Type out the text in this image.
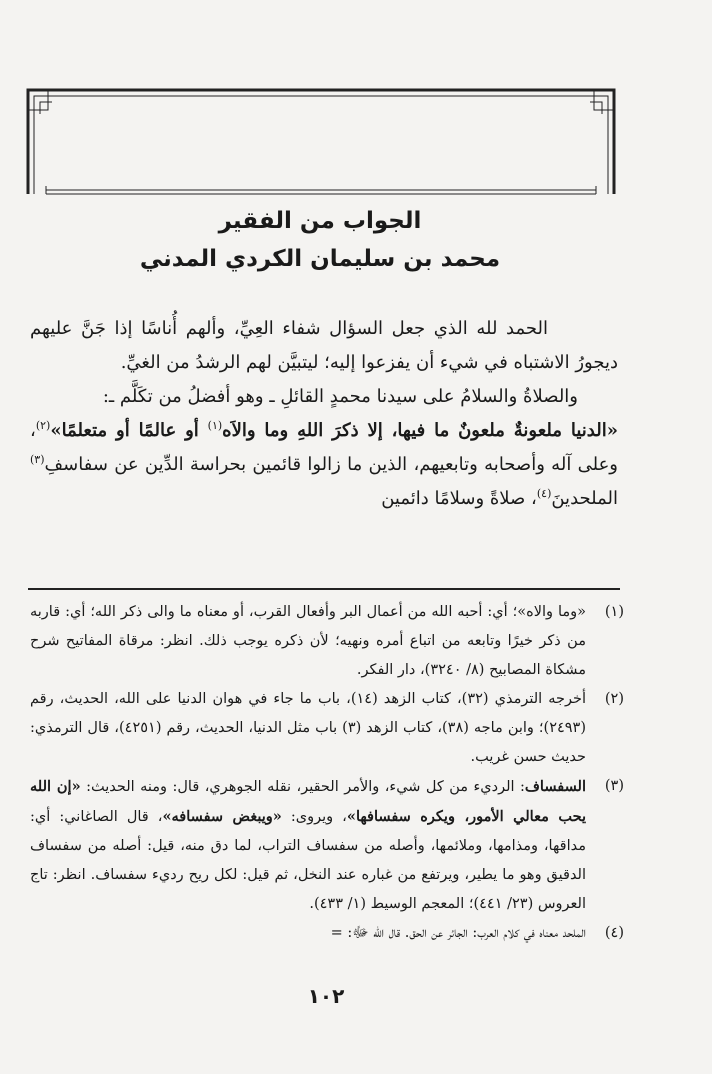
الجواب من الفقير

محمد بن سليمان الكردي المدني

الحمد لله الذي جعل السؤال شفاء العِيِّ، وألهم أُناسًا إذا جَنَّ عليهم ديجورُ الاشتباه في شيء أن يفزعوا إليه؛ ليتبيَّن لهم الرشدُ من الغيِّ.

والصلاةُ والسلامُ على سيدنا محمدٍ القائلِ ـ وهو أفضلُ من تكَلَّم ـ:
«الدنيا ملعونةٌ ملعونٌ ما فيها، إلا ذكرَ اللهِ وما والاَه$^{(١)}$ أو عالمًا أو متعلمًا»$^{(٢)}$، وعلى آله وأصحابه وتابعيهم، الذين ما زالوا قائمين بحراسة الدِّين عن سفاسفِ$^{(٣)}$ الملحدينَ$^{(٤)}$، صلاةً وسلامًا دائمين

(١)
«وما والاه»؛ أي: أحبه الله من أعمال البر وأفعال القرب، أو معناه ما والى ذكر الله؛ أي: قاربه من ذكر خيرًا وتابعه من اتباع أمره ونهيه؛ لأن ذكره يوجب ذلك. انظر: مرقاة المفاتيح شرح مشكاة المصابيح (٨/ ٣٢٤٠)، دار الفكر.
(٢)
أخرجه الترمذي (٣٢)، كتاب الزهد (١٤)، باب ما جاء في هوان الدنيا على الله، الحديث، رقم (٢٤٩٣)؛ وابن ماجه (٣٨)، كتاب الزهد (٣) باب مثل الدنيا، الحديث، رقم (٤٢٥١)، قال الترمذي: حديث حسن غريب.
(٣)
السفساف: الرديء من كل شيء، والأمر الحقير، نقله الجوهري، قال: ومنه الحديث: «إن الله يحب معالي الأمور، ويكره سفسافها»، ويروى: «ويبغض سفسافه»، قال الصاغاني: أي: مداقها، ومذامها، وملائمها، وأصله من سفساف التراب، لما دق منه، قيل: أصله من سفساف الدقيق وهو ما يطير، ويرتفع من غباره عند النخل، ثم قيل: لكل ريح رديء سفساف. انظر: تاج العروس (٢٣/ ٤٤١)؛ المعجم الوسيط (١/ ٤٣٣).
(٤)
الملحد معناه في كلام العرب: الجائر عن الحق. قال الله ﷻ: =
١٠٢
